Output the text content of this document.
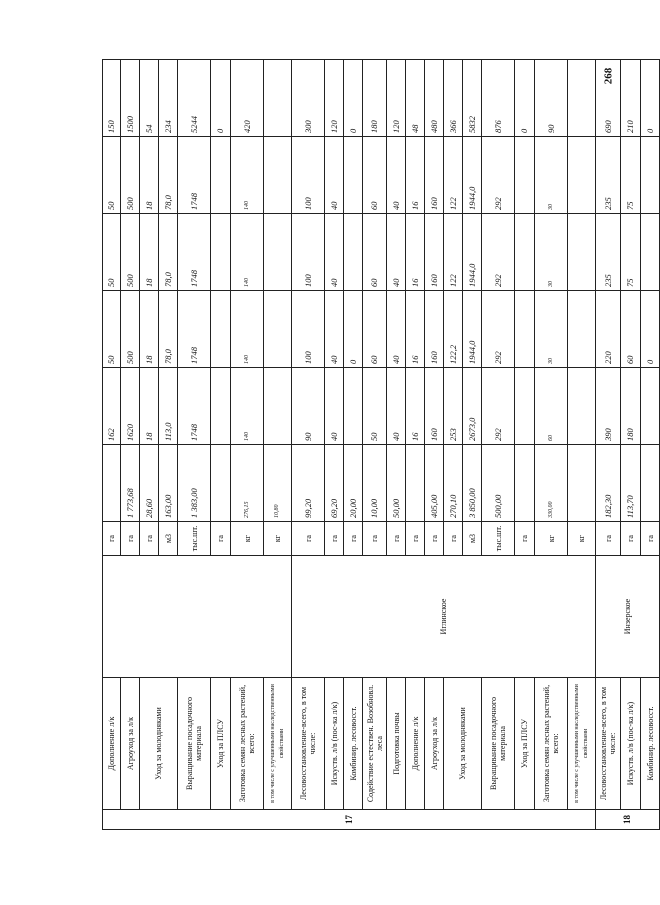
268
17	Дополнение л/к		га		162	50	50	50	150
	Агроуход за л/к		га	1 773,68	1620	500	500	500	1500
	Уход за молодняками		га	28,60	18	18	18	18	54
			м3	163,00	113,0	78,0	78,0	78,0	234
	Выращивание посадочного материала		тыс.шт.	1 383,00	1748	1748	1748	1748	5244
	Уход за ПЛСУ		га						0
	Заготовка семян лесных растений, всего:		кг	276,15	140	140	140	140	420
	в том числе с улучшенными наследственными свойствами		кг	10,80					
	Лесовосстановление-всего, в том числе:	Иглинское	га	99,20	90	100	100	100	300
	Искуств. л/в (пос-ка л/к)		га	69,20	40	40	40	40	120
	Комбинир. лесовосст.		га	20,00		0			0
	Содействие естествен. Возобновл. леса		га	10,00	50	60	60	60	180
	Подготовка почвы		га	50,00	40	40	40	40	120
	Дополнение л/к		га		16	16	16	16	48
	Агроуход за л/к		га	405,00	160	160	160	160	480
	Уход за молодняками		га	270,10	253	122,2	122	122	366
			м3	3 850,00	2673,0	1944,0	1944,0	1944,0	5832
	Выращивание посадочного материала		тыс.шт.	500,00	292	292	292	292	876
	Уход за ПЛСУ		га						0
	Заготовка семян лесных растений, всего:		кг	330,00	60	30	30	30	90
	в том числе с улучшенными наследственными свойствами		кг						
18	Лесовосстановление-всего, в том числе:	Инзерское	га	182,30	390	220	235	235	690
	Искуств. л/в (пос-ка л/к)		га	113,70	180	60	75	75	210
	Комбинир. лесовосст.		га			0			0
